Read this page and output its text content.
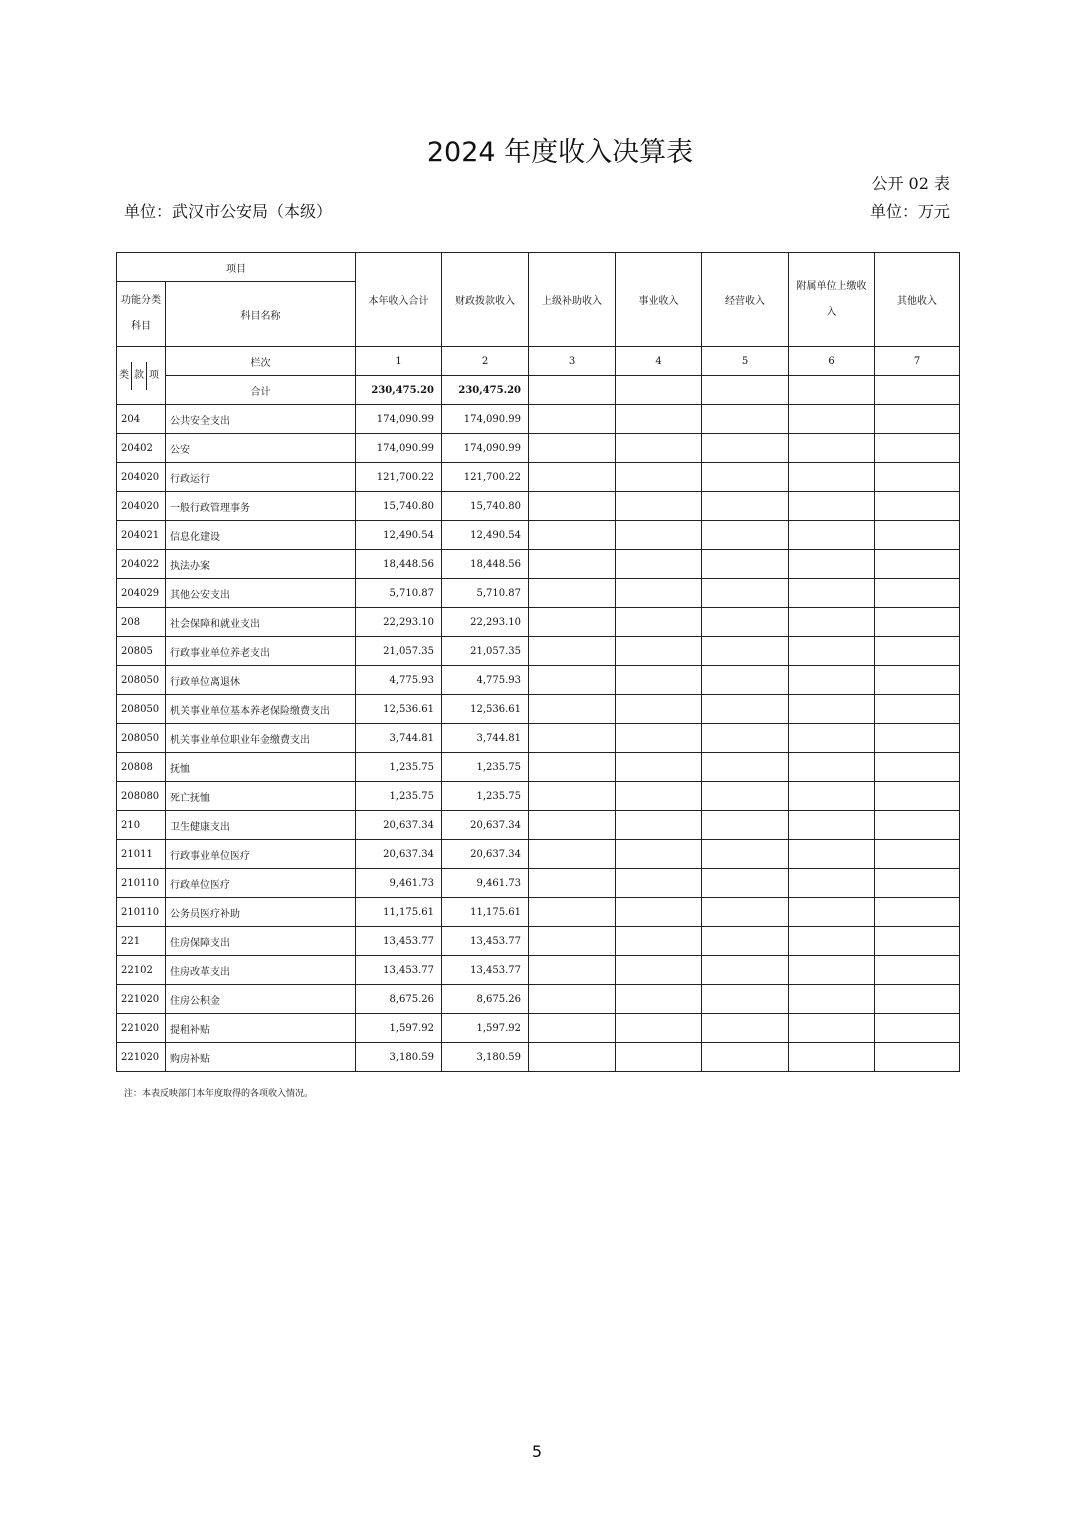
2024 年度收入决算表
公开 02 表
单位：武汉市公安局（本级）	单位：万元
项目		本年收入合计	财政拨款收入	上级补助收入	事业收入	经营收入	附属单位上缴收入	其他收入
功能分类科目	科目名称							
类 款 项	栏次	1	2	3	4	5	6	7
	合计	230,475.20	230,475.20					
204	公共安全支出	174,090.99	174,090.99					
20402	公安	174,090.99	174,090.99					
204020	行政运行	121,700.22	121,700.22					
204020	一般行政管理事务	15,740.80	15,740.80					
204021	信息化建设	12,490.54	12,490.54					
204022	执法办案	18,448.56	18,448.56					
204029	其他公安支出	5,710.87	5,710.87					
208	社会保障和就业支出	22,293.10	22,293.10					
20805	行政事业单位养老支出	21,057.35	21,057.35					
208050	行政单位离退休	4,775.93	4,775.93					
208050	机关事业单位基本养老保险缴费支出	12,536.61	12,536.61					
208050	机关事业单位职业年金缴费支出	3,744.81	3,744.81					
20808	抚恤	1,235.75	1,235.75					
208080	死亡抚恤	1,235.75	1,235.75					
210	卫生健康支出	20,637.34	20,637.34					
21011	行政事业单位医疗	20,637.34	20,637.34					
210110	行政单位医疗	9,461.73	9,461.73					
210110	公务员医疗补助	11,175.61	11,175.61					
221	住房保障支出	13,453.77	13,453.77					
22102	住房改革支出	13,453.77	13,453.77					
221020	住房公积金	8,675.26	8,675.26					
221020	提租补贴	1,597.92	1,597.92					
221020	购房补贴	3,180.59	3,180.59					
注：本表反映部门本年度取得的各项收入情况。
5
